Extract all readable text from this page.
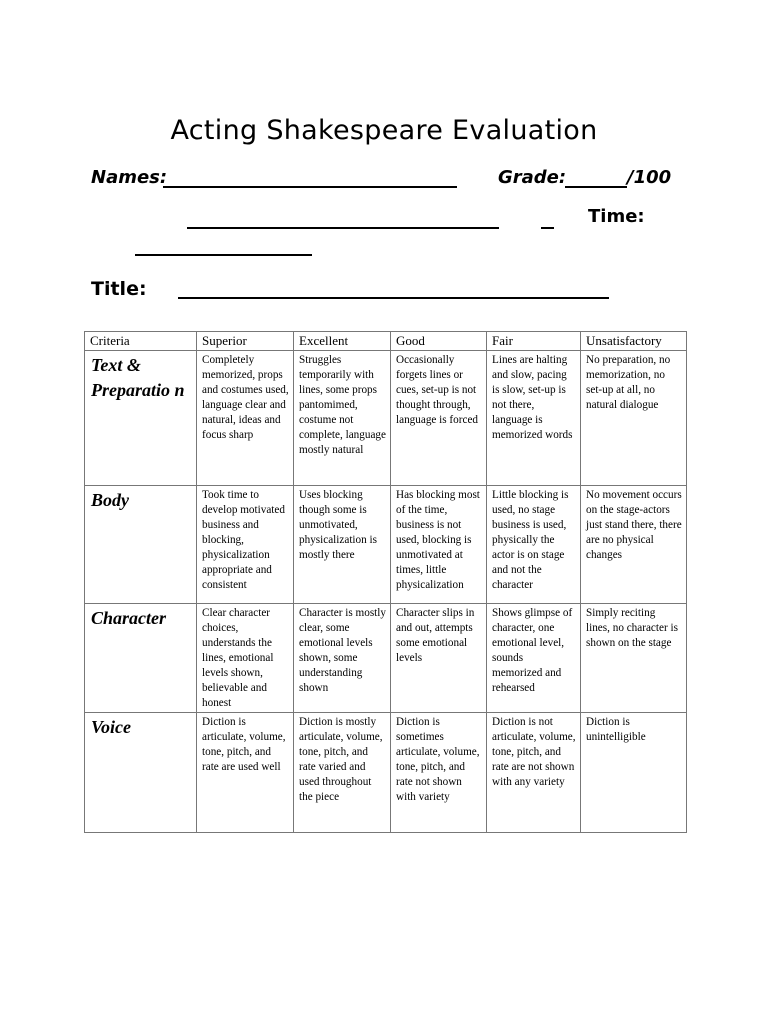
Acting Shakespeare Evaluation
Names:	Grade:	/100
Time:
Title:
Criteria	Superior	Excellent	Good	Fair	Unsatisfactory
Text & Preparatio n	Completely memorized, props and costumes used, language clear and natural, ideas and focus sharp	Struggles temporarily with lines, some props pantomimed, costume not complete, language mostly natural	Occasionally forgets lines or cues, set-up is not thought through, language is forced	Lines are halting and slow, pacing is slow, set-up is not there, language is memorized words	No preparation, no memorization, no set-up at all, no natural dialogue
Body	Took time to develop motivated business and blocking, physicalization appropriate and consistent	Uses blocking though some is unmotivated, physicalization is mostly there	Has blocking most of the time, business is not used, blocking is unmotivated at times, little physicalization	Little blocking is used, no stage business is used, physically the actor is on stage and not the character	No movement occurs on the stage-actors just stand there, there are no physical changes
Character	Clear character choices, understands the lines, emotional levels shown, believable and honest	Character is mostly clear, some emotional levels shown, some understanding shown	Character slips in and out, attempts some emotional levels	Shows glimpse of character, one emotional level, sounds memorized and rehearsed	Simply reciting lines, no character is shown on the stage
Voice	Diction is articulate, volume, tone, pitch, and rate are used well	Diction is mostly articulate, volume, tone, pitch, and rate varied and used throughout the piece	Diction is sometimes articulate, volume, tone, pitch, and rate not shown with variety	Diction is not articulate, volume, tone, pitch, and rate are not shown with any variety	Diction is unintelligible
